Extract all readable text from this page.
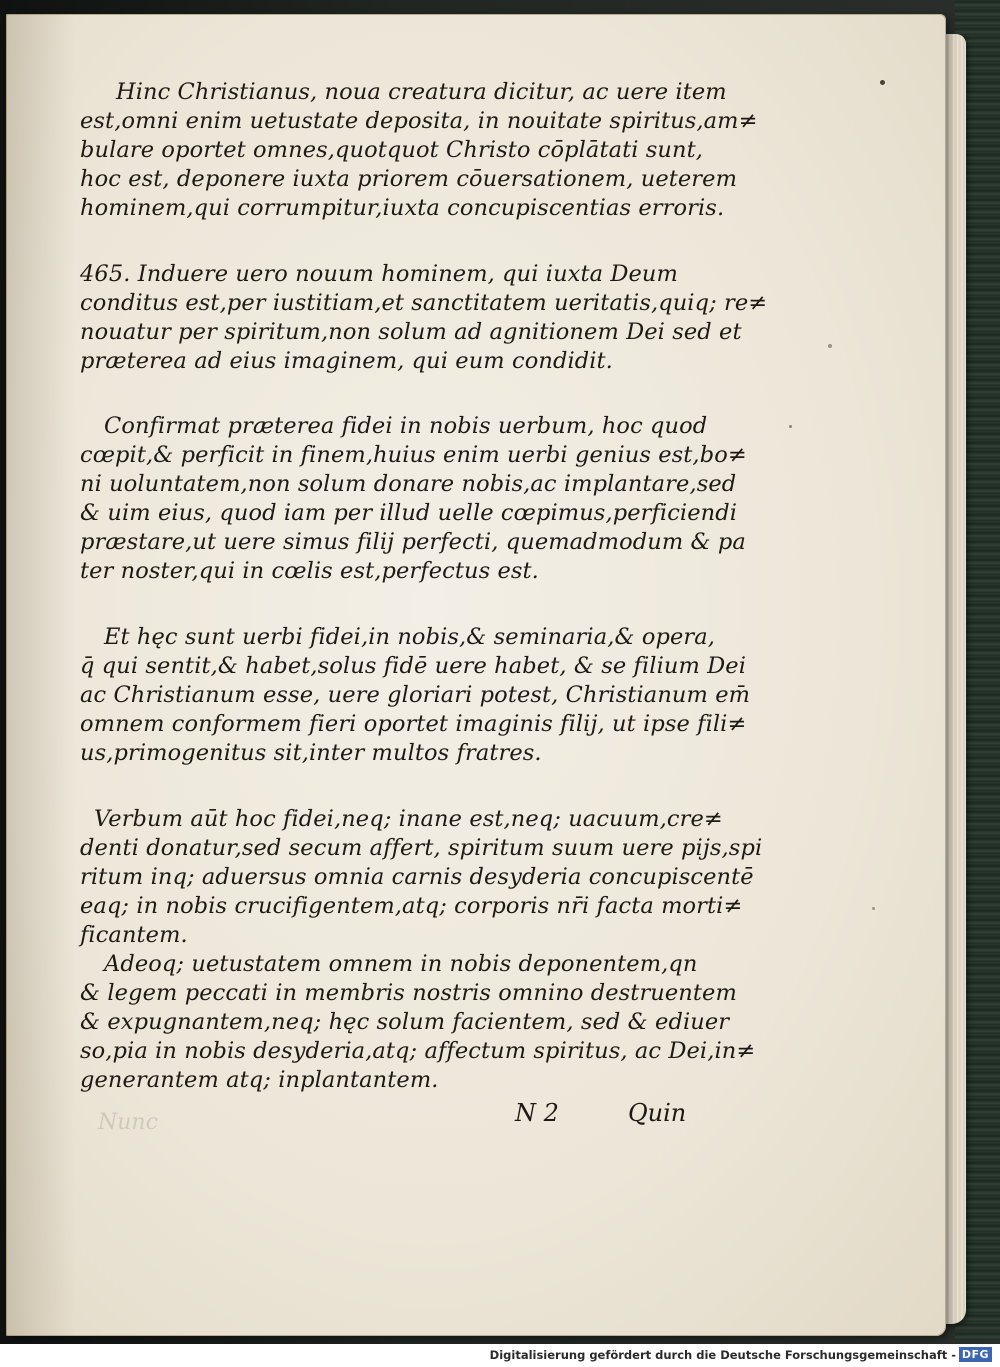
Nunc
Hinc Christianus, noua creatura dicitur, ac uere item
est,omni enim uetustate deposita, in nouitate spiritus,am≠
bulare oportet omnes,quotquot Christo cōplātati sunt,
hoc est, deponere iuxta priorem cōuersationem, ueterem
hominem,qui corrumpitur,iuxta concupiscentias erroris.
465. Induere uero nouum hominem, qui iuxta Deum
conditus est,per iustitiam,et sanctitatem ueritatis,quiq; re≠
nouatur per spiritum,non solum ad agnitionem Dei sed et
præterea ad eius imaginem, qui eum condidit.
Confirmat præterea fidei in nobis uerbum, hoc quod
cœpit,& perficit in finem,huius enim uerbi genius est,bo≠
ni uoluntatem,non solum donare nobis,ac implantare,sed
& uim eius, quod iam per illud uelle cœpimus,perficiendi
præstare,ut uere simus filij perfecti, quemadmodum & pa
ter noster,qui in cœlis est,perfectus est.
Et hęc sunt uerbi fidei,in nobis,& seminaria,& opera,
q̄ qui sentit,& habet,solus fidē uere habet, & se filium Dei
ac Christianum esse, uere gloriari potest, Christianum em̄
omnem conformem fieri oportet imaginis filij, ut ipse fili≠
us,primogenitus sit,inter multos fratres.
Verbum aūt hoc fidei,neq; inane est,neq; uacuum,cre≠
denti donatur,sed secum affert, spiritum suum uere pijs,spi
ritum inq; aduersus omnia carnis desyderia concupiscentē
eaq; in nobis crucifigentem,atq; corporis nr̄i facta morti≠
ficantem.
Adeoq; uetustatem omnem in nobis deponentem,qn
& legem peccati in membris nostris omnino destruentem
& expugnantem,neq; hęc solum facientem, sed & ediuer
so,pia in nobis desyderia,atq; affectum spiritus, ac Dei,in≠
generantem atq; inplantantem.
N 2	Quin
Digitalisierung gefördert durch die Deutsche Forschungsgemeinschaft - DFG
